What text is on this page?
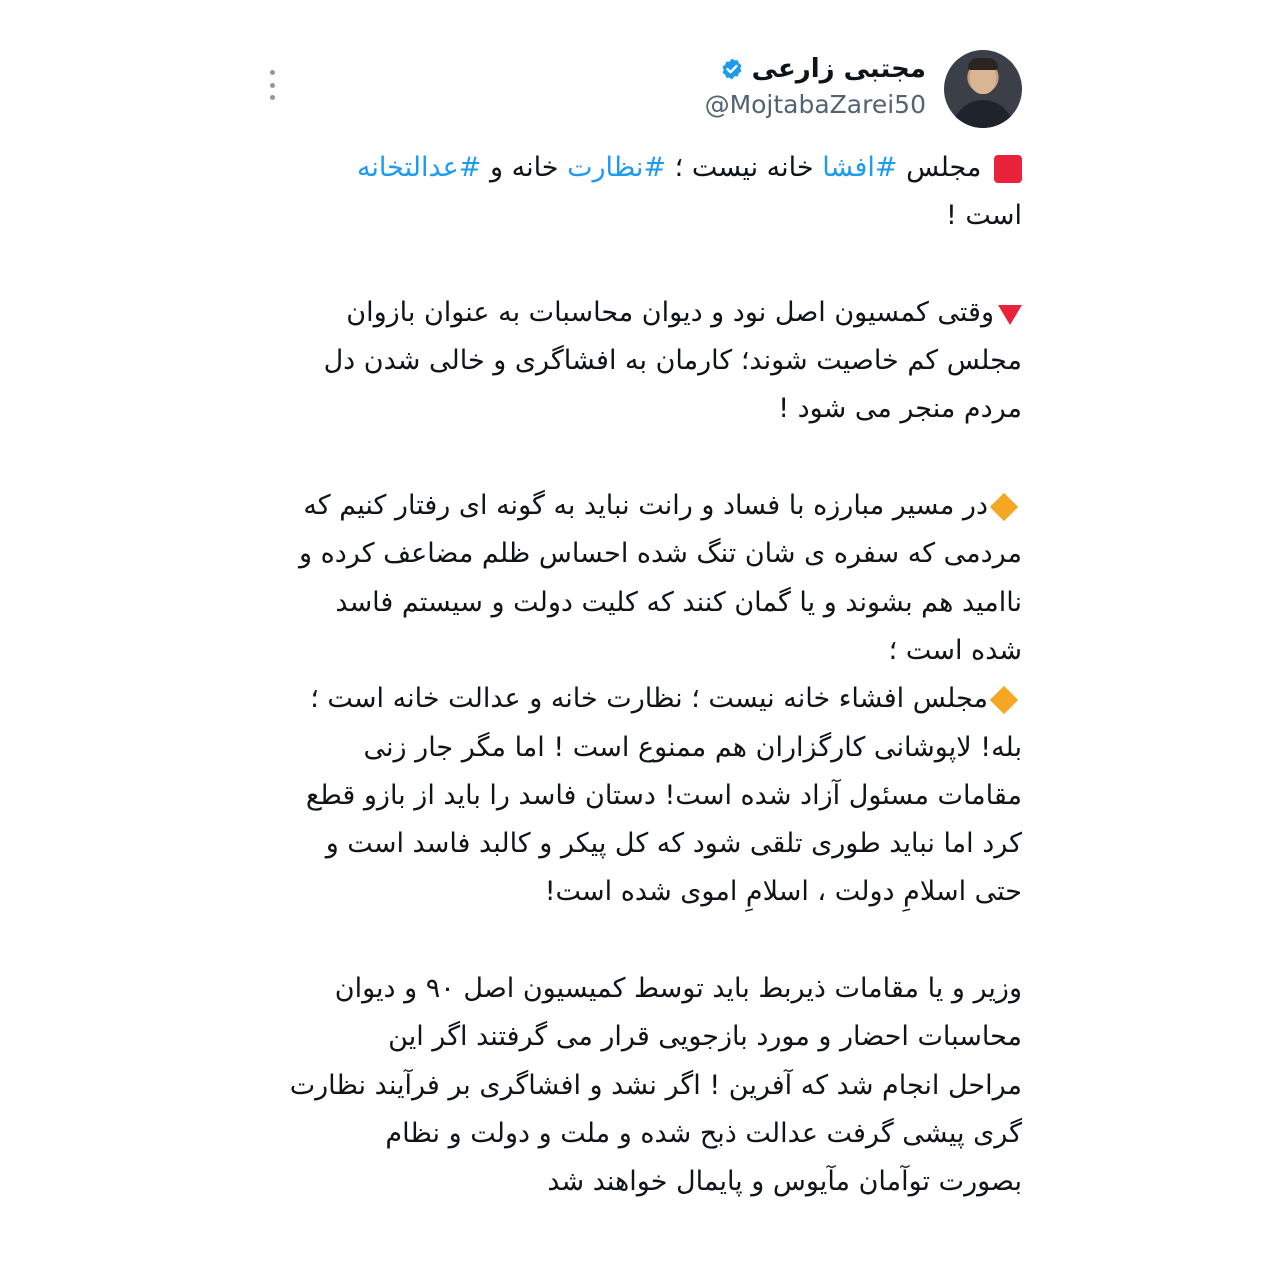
مجتبی زارعی
@MojtabaZarei50
مجلس #افشا خانه نیست ؛ #نظارت خانه و #عدالتخانه
است !
وقتی کمسیون اصل نود و دیوان محاسبات به عنوان بازوان
مجلس کم خاصیت شوند؛ کارمان به افشاگری و خالی شدن دل
مردم منجر می شود !
در مسیر مبارزه با فساد و رانت نباید به گونه ای رفتار کنیم که
مردمی که سفره ی شان تنگ شده احساس ظلم مضاعف کرده و
ناامید هم بشوند و یا گمان کنند که کلیت دولت و سیستم فاسد
شده است ؛
مجلس افشاء خانه نیست ؛ نظارت خانه و عدالت خانه است ؛
بله! لاپوشانی کارگزاران هم ممنوع است ! اما مگر جار زنی
مقامات مسئول آزاد شده است! دستان فاسد را باید از بازو قطع
کرد اما نباید طوری تلقی شود که کل پیکر و کالبد فاسد است و
حتی اسلامِ دولت ، اسلامِ اموی شده است!
وزیر و یا مقامات ذیربط باید توسط کمیسیون اصل ۹۰ و دیوان
محاسبات احضار و مورد بازجویی قرار می گرفتند اگر این
مراحل انجام شد که آفرین ! اگر نشد و افشاگری بر فرآیند نظارت
گری پیشی گرفت عدالت ذبح شده و ملت و دولت و نظام
بصورت توآمان مآیوس و پایمال خواهند شد
